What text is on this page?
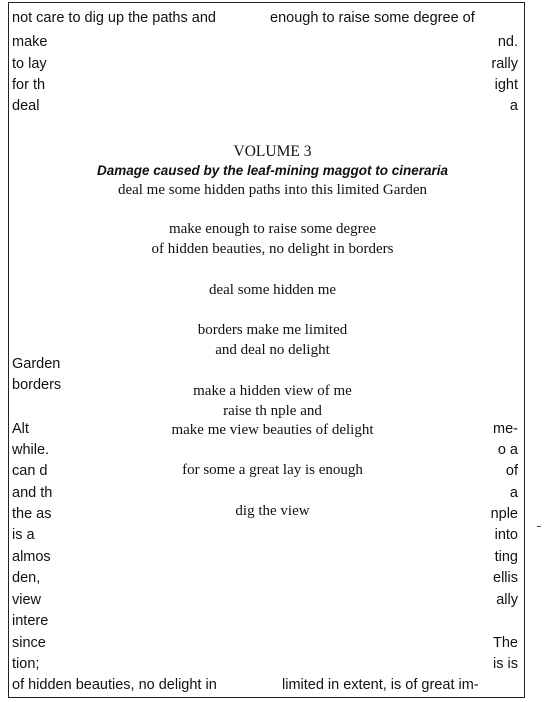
not care to dig up the paths and	enough to raise some degree of
make
to lay
for th
deal
nd.
rally
ight
a
VOLUME 3
Damage caused by the leaf-mining maggot to cineraria
deal me some hidden paths into this limited Garden
make enough to raise some degree
of hidden beauties, no delight in borders
deal some hidden me
borders make me limited
and deal no delight
make a hidden view of me
raise th nple and
make me view beauties of delight
for some a great lay is enough
dig the view
Garden
borders
Alt
while.
can d
and th
the as
is a
almos
den,
view
intere
since
tion;
me-
o a
of
a
nple
into
ting
ellis
ally
The
is is
of hidden beauties, no delight in	limited in extent, is of great im-
